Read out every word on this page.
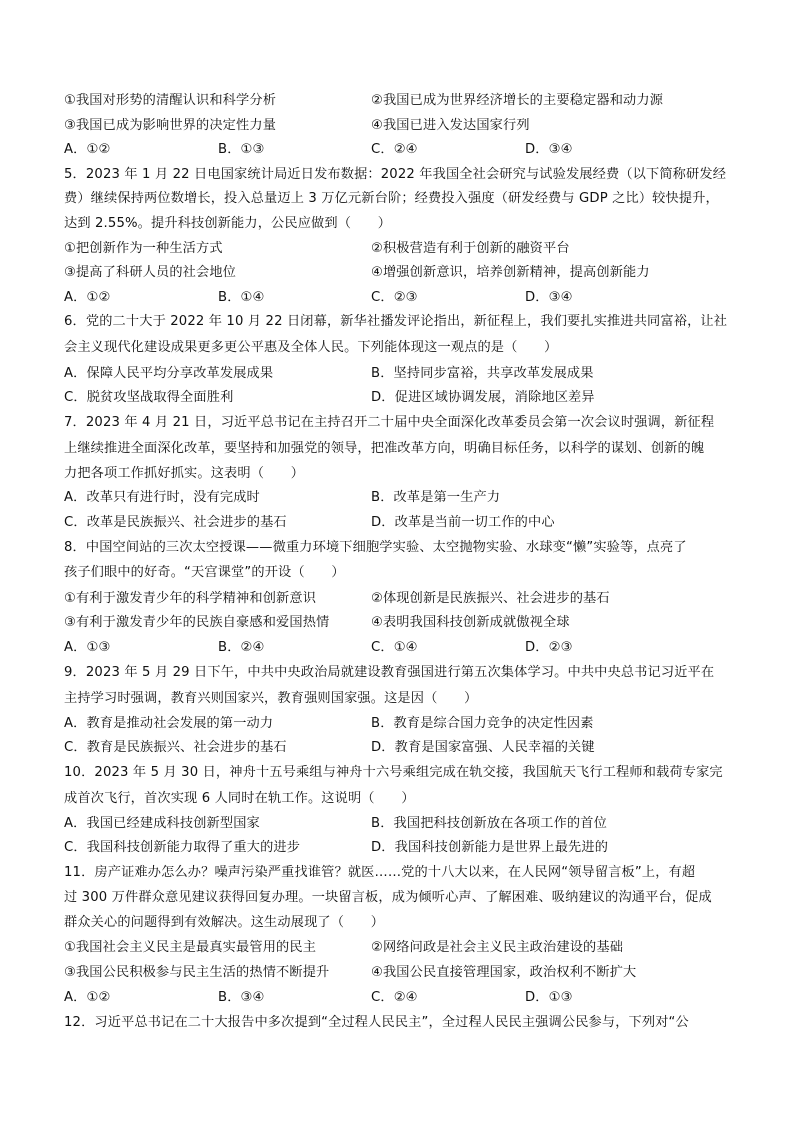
①我国对形势的清醒认识和科学分析	②我国已成为世界经济增长的主要稳定器和动力源
③我国已成为影响世界的决定性力量	④我国已进入发达国家行列
A．①②	B．①③	C．②④	D．③④
5．2023 年 1 月 22 日电国家统计局近日发布数据：2022 年我国全社会研究与试验发展经费（以下简称研发经
费）继续保持两位数增长，投入总量迈上 3 万亿元新台阶；经费投入强度（研发经费与 GDP 之比）较快提升，
达到 2.55%。提升科技创新能力，公民应做到（　　）
①把创新作为一种生活方式	②积极营造有利于创新的融资平台
③提高了科研人员的社会地位	④增强创新意识，培养创新精神，提高创新能力
A．①②	B．①④	C．②③	D．③④
6．党的二十大于 2022 年 10 月 22 日闭幕，新华社播发评论指出，新征程上，我们要扎实推进共同富裕，让社
会主义现代化建设成果更多更公平惠及全体人民。下列能体现这一观点的是（　　）
A．保障人民平均分享改革发展成果	B．坚持同步富裕，共享改革发展成果
C．脱贫攻坚战取得全面胜利	D．促进区域协调发展，消除地区差异
7．2023 年 4 月 21 日，习近平总书记在主持召开二十届中央全面深化改革委员会第一次会议时强调，新征程
上继续推进全面深化改革，要坚持和加强党的领导，把准改革方向，明确目标任务，以科学的谋划、创新的魄
力把各项工作抓好抓实。这表明（　　）
A．改革只有进行时，没有完成时	B．改革是第一生产力
C．改革是民族振兴、社会进步的基石	D．改革是当前一切工作的中心
8．中国空间站的三次太空授课——微重力环境下细胞学实验、太空抛物实验、水球变“懒”实验等，点亮了
孩子们眼中的好奇。“天宫课堂”的开设（　　）
①有利于激发青少年的科学精神和创新意识	②体现创新是民族振兴、社会进步的基石
③有利于激发青少年的民族自豪感和爱国热情	④表明我国科技创新成就傲视全球
A．①③	B．②④	C．①④	D．②③
9．2023 年 5 月 29 日下午，中共中央政治局就建设教育强国进行第五次集体学习。中共中央总书记习近平在
主持学习时强调，教育兴则国家兴，教育强则国家强。这是因（　　）
A．教育是推动社会发展的第一动力	B．教育是综合国力竞争的决定性因素
C．教育是民族振兴、社会进步的基石	D．教育是国家富强、人民幸福的关键
10．2023 年 5 月 30 日，神舟十五号乘组与神舟十六号乘组完成在轨交接，我国航天飞行工程师和载荷专家完
成首次飞行，首次实现 6 人同时在轨工作。这说明（　　）
A．我国已经建成科技创新型国家	B．我国把科技创新放在各项工作的首位
C．我国科技创新能力取得了重大的进步	D．我国科技创新能力是世界上最先进的
11．房产证难办怎么办？噪声污染严重找谁管？就医……党的十八大以来，在人民网“领导留言板”上，有超
过 300 万件群众意见建议获得回复办理。一块留言板，成为倾听心声、了解困难、吸纳建议的沟通平台，促成
群众关心的问题得到有效解决。这生动展现了（　　）
①我国社会主义民主是最真实最管用的民主	②网络问政是社会主义民主政治建设的基础
③我国公民积极参与民主生活的热情不断提升	④我国公民直接管理国家，政治权利不断扩大
A．①②	B．③④	C．②④	D．①③
12．习近平总书记在二十大报告中多次提到“全过程人民民主”，全过程人民民主强调公民参与，下列对“公
